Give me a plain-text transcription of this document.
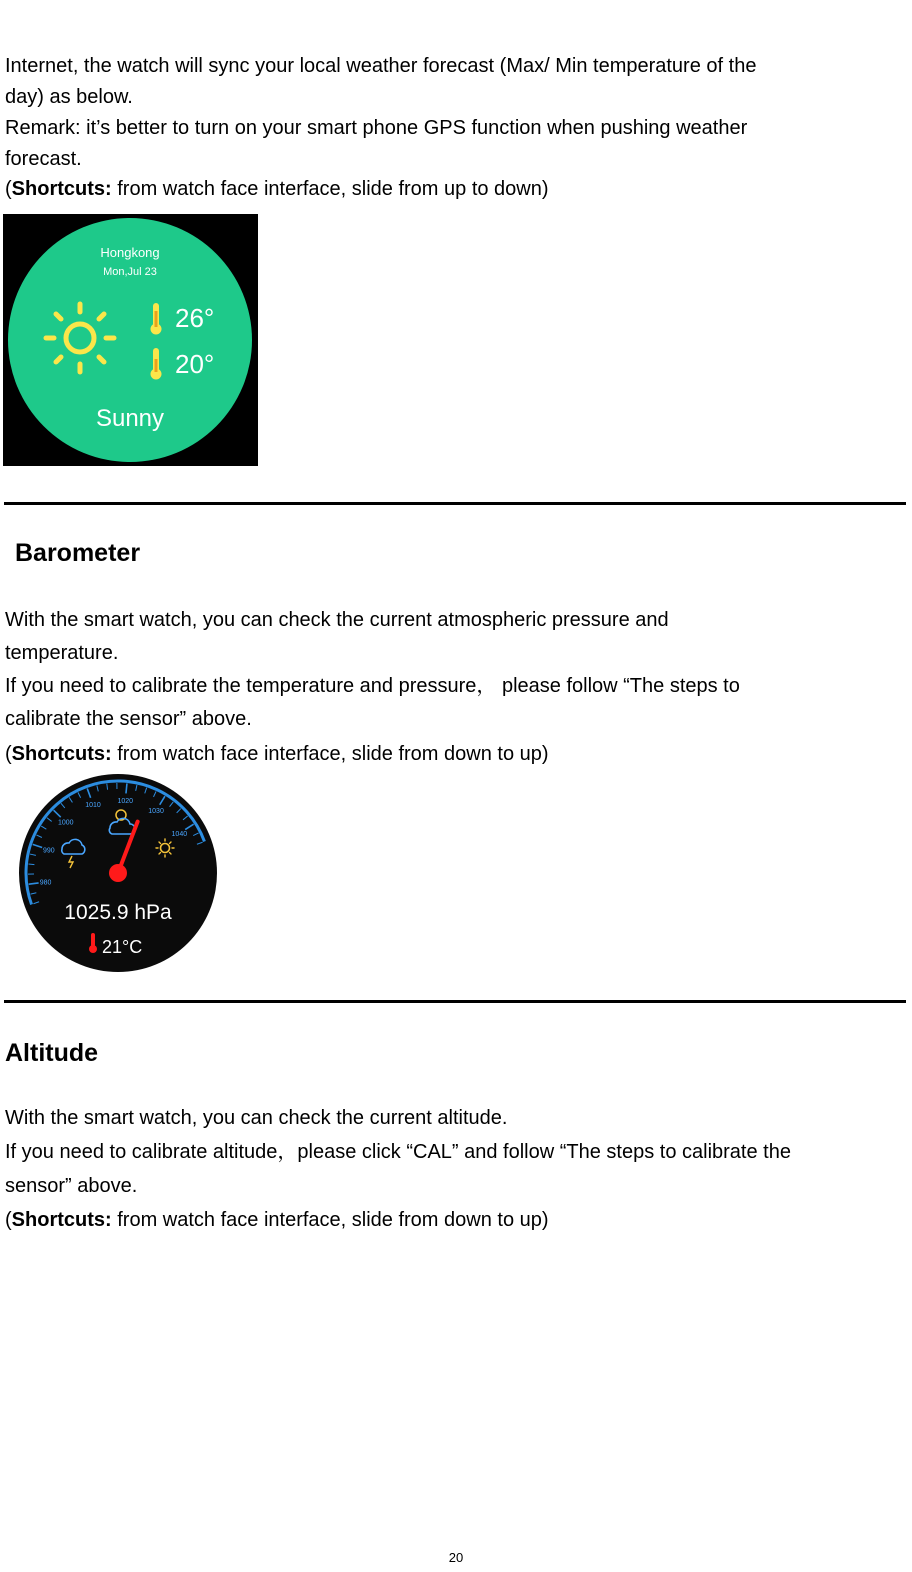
Internet, the watch will sync your local weather forecast (Max/ Min temperature of the
day) as below.
Remark: it’s better to turn on your smart phone GPS function when pushing weather
forecast.

(Shortcuts: from watch face interface, slide from up to down)

Hongkong
Mon,Jul 23
26°
20°
Sunny
Barometer

With the smart watch, you can check the current atmospheric pressure and
temperature.
If you need to calibrate the temperature and pressure， please follow “The steps to
calibrate the sensor” above.

(Shortcuts: from watch face interface, slide from down to up)

980
990
1000
1010
1020
1030
1040
1025.9 hPa
21°C
Altitude

With the smart watch, you can check the current altitude.
If you need to calibrate altitude，please click “CAL” and follow “The steps to calibrate the
sensor” above.

(Shortcuts: from watch face interface, slide from down to up)

20
